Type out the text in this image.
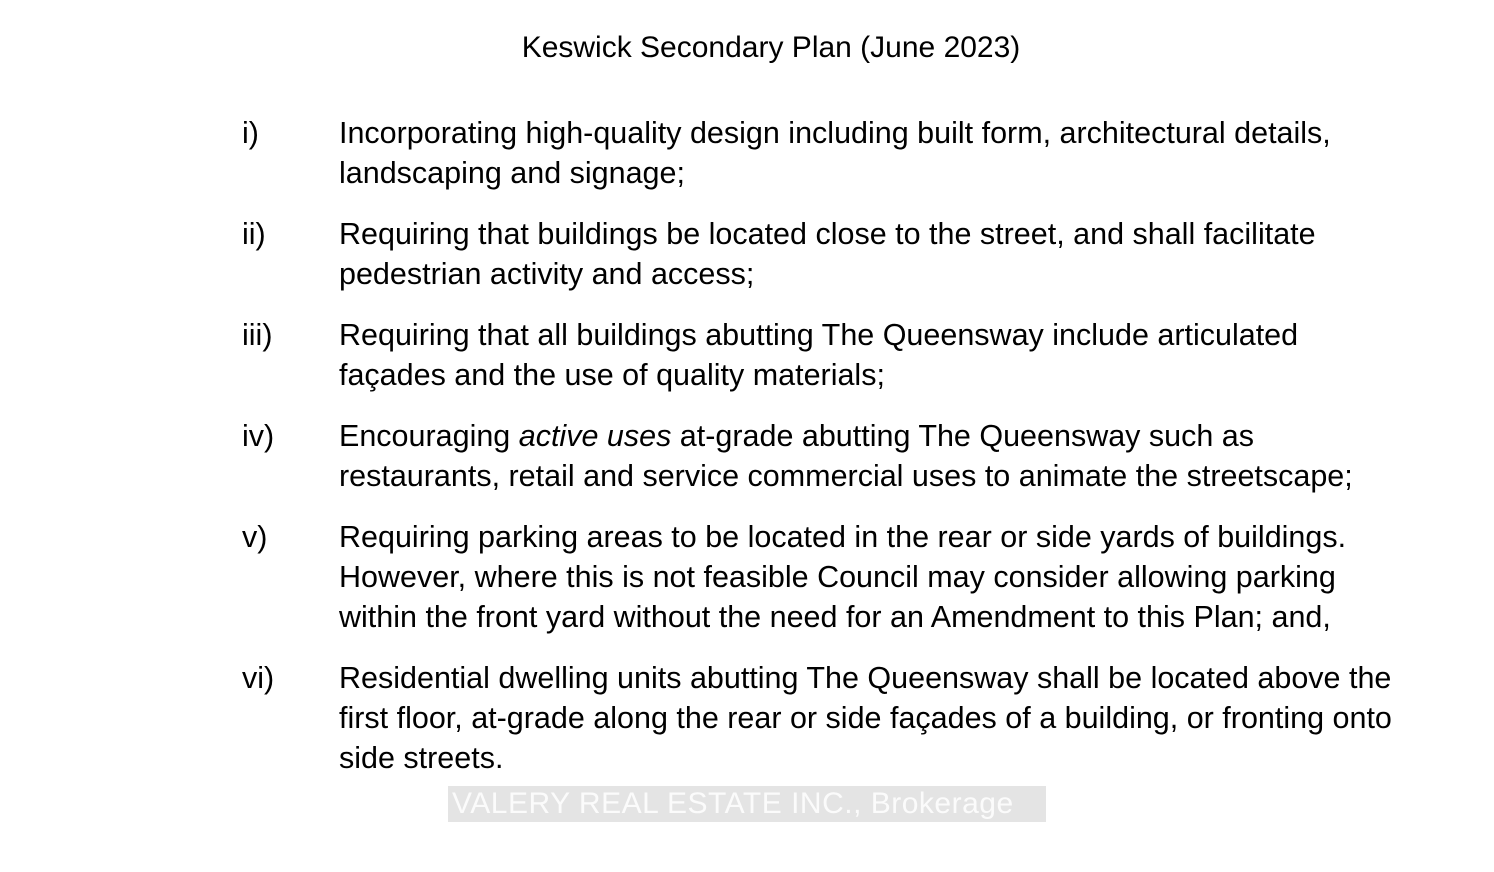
Keswick Secondary Plan (June 2023)
i)	Incorporating high-quality design including built form, architectural details, landscaping and signage;
ii) Requiring that buildings be located close to the street, and shall facilitate pedestrian activity and access;
iii) Requiring that all buildings abutting The Queensway include articulated façades and the use of quality materials;
iv) Encouraging active uses at-grade abutting The Queensway such as restaurants, retail and service commercial uses to animate the streetscape;
v) Requiring parking areas to be located in the rear or side yards of buildings. However, where this is not feasible Council may consider allowing parking within the front yard without the need for an Amendment to this Plan; and,
vi) Residential dwelling units abutting The Queensway shall be located above the first floor, at-grade along the rear or side façades of a building, or fronting onto side streets.
VALERY REAL ESTATE INC., Brokerage
